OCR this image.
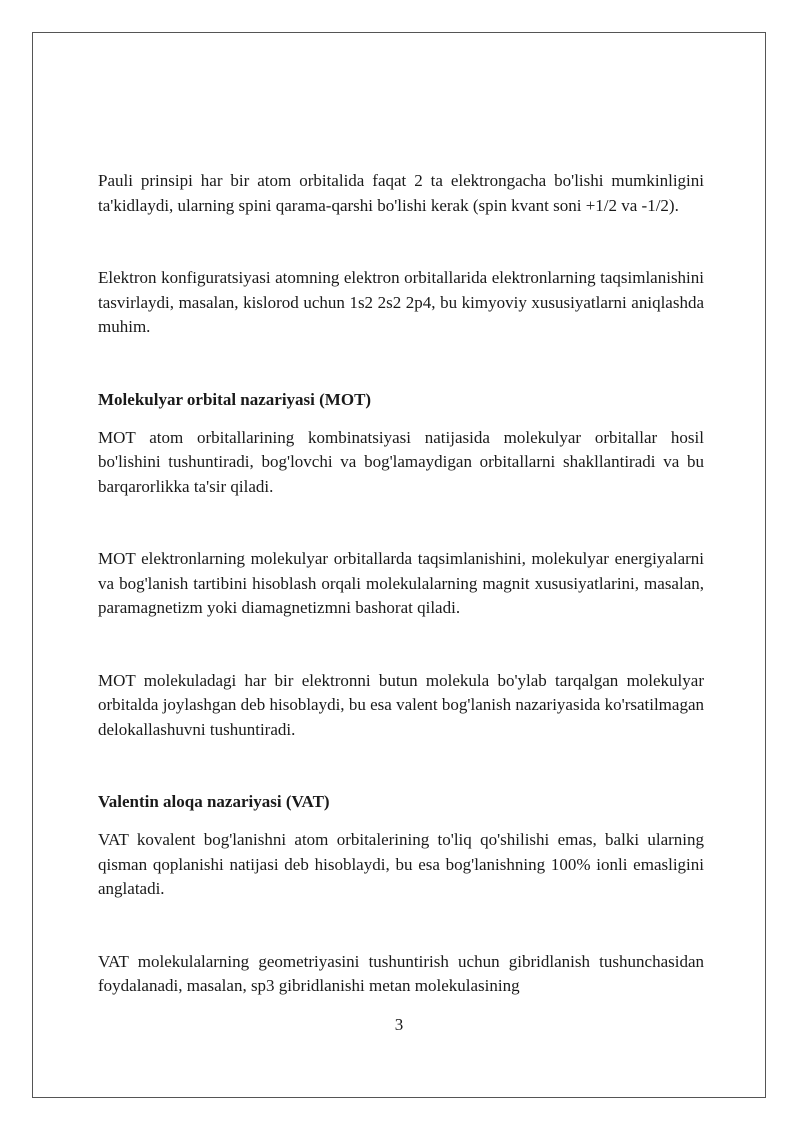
Pauli prinsipi har bir atom orbitalida faqat 2 ta elektrongacha bo'lishi mumkinligini ta'kidlaydi, ularning spini qarama-qarshi bo'lishi kerak (spin kvant soni +1/2 va -1/2).

Elektron konfiguratsiyasi atomning elektron orbitallarida elektronlarning taqsimlanishini tasvirlaydi, masalan, kislorod uchun 1s2 2s2 2p4, bu kimyoviy xususiyatlarni aniqlashda muhim.

Molekulyar orbital nazariyasi (MOT)

MOT atom orbitallarining kombinatsiyasi natijasida molekulyar orbitallar hosil bo'lishini tushuntiradi, bog'lovchi va bog'lamaydigan orbitallarni shakllantiradi va bu barqarorlikka ta'sir qiladi.

MOT elektronlarning molekulyar orbitallarda taqsimlanishini, molekulyar energiyalarni va bog'lanish tartibini hisoblash orqali molekulalarning magnit xususiyatlarini, masalan, paramagnetizm yoki diamagnetizmni bashorat qiladi.

MOT molekuladagi har bir elektronni butun molekula bo'ylab tarqalgan molekulyar orbitalda joylashgan deb hisoblaydi, bu esa valent bog'lanish nazariyasida ko'rsatilmagan delokallashuvni tushuntiradi.

Valentin aloqa nazariyasi (VAT)

VAT kovalent bog'lanishni atom orbitalerining to'liq qo'shilishi emas, balki ularning qisman qoplanishi natijasi deb hisoblaydi, bu esa bog'lanishning 100% ionli emasligini anglatadi.

VAT molekulalarning geometriyasini tushuntirish uchun gibridlanish tushunchasidan foydalanadi, masalan, sp3 gibridlanishi metan molekulasining

3
